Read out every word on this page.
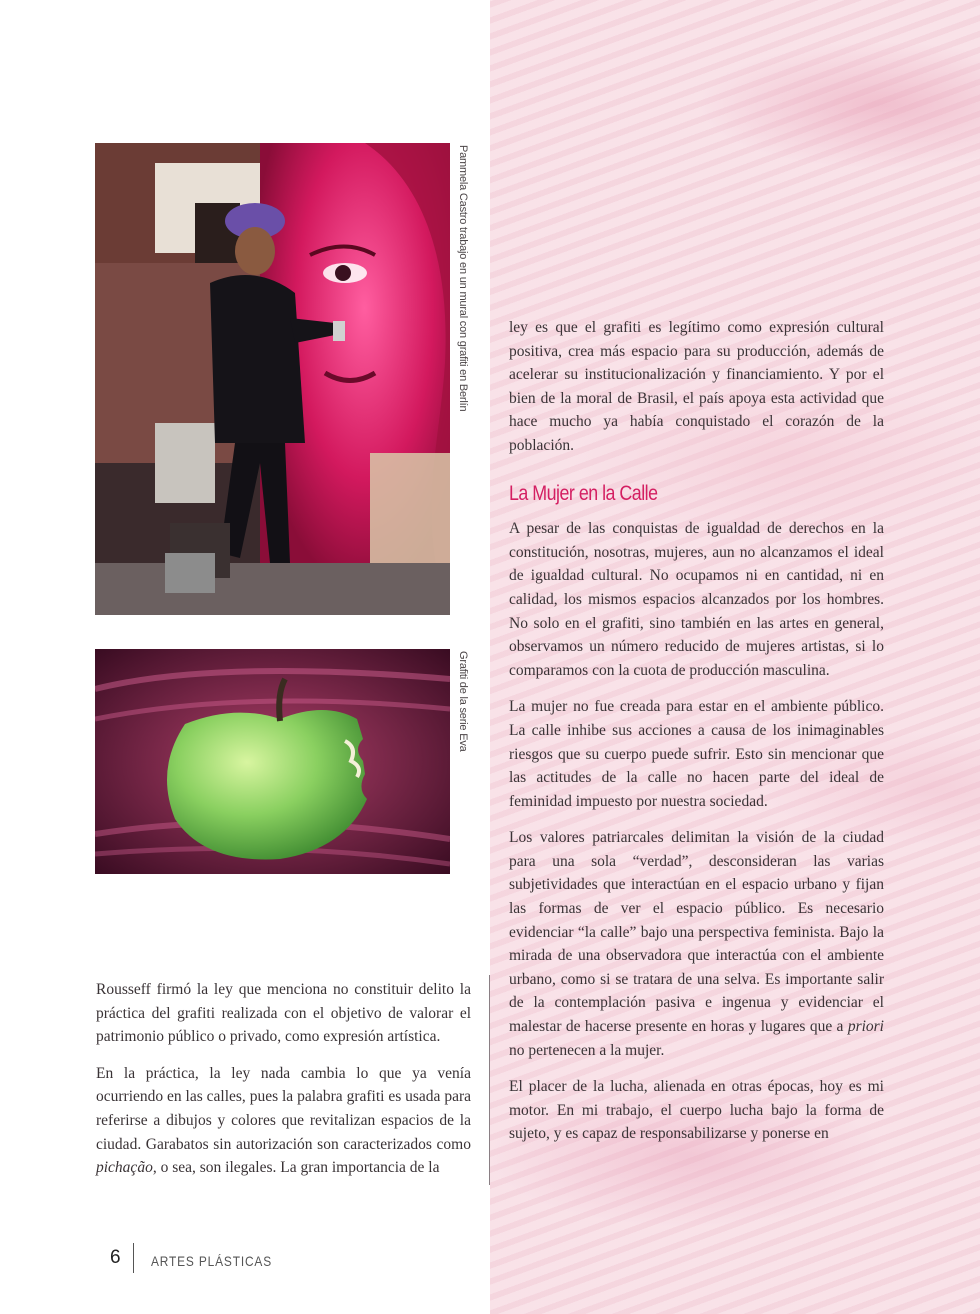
Pammela Castro trabajo en un mural con grafiti en Berlín
Grafiti de la serie Eva

Rousseff firmó la ley que menciona no constituir delito la práctica del grafiti realizada con el objetivo de valorar el patrimonio público o privado, como expresión artística.

En la práctica, la ley nada cambia lo que ya venía ocurriendo en las calles, pues la palabra grafiti es usada para referirse a dibujos y colores que revitalizan espacios de la ciudad. Garabatos sin autorización son caracterizados como pichação, o sea, son ilegales. La gran importancia de la

ley es que el grafiti es legítimo como expresión cultural positiva, crea más espacio para su producción, además de acelerar su institucionalización y financiamiento. Y por el bien de la moral de Brasil, el país apoya esta actividad que hace mucho ya había conquistado el corazón de la población.

La Mujer en la Calle

A pesar de las conquistas de igualdad de derechos en la constitución, nosotras, mujeres, aun no alcanzamos el ideal de igualdad cultural. No ocupamos ni en cantidad, ni en calidad, los mismos espacios alcanzados por los hombres. No solo en el grafiti, sino también en las artes en general, observamos un número reducido de mujeres artistas, si lo comparamos con la cuota de producción masculina.

La mujer no fue creada para estar en el ambiente público. La calle inhibe sus acciones a causa de los inimaginables riesgos que su cuerpo puede sufrir. Esto sin mencionar que las actitudes de la calle no hacen parte del ideal de feminidad impuesto por nuestra sociedad.

Los valores patriarcales delimitan la visión de la ciudad para una sola “verdad”, desconsideran las varias subjetividades que interactúan en el espacio urbano y fijan las formas de ver el espacio público. Es necesario evidenciar “la calle” bajo una perspectiva feminista. Bajo la mirada de una observadora que interactúa con el ambiente urbano, como si se tratara de una selva. Es importante salir de la contemplación pasiva e ingenua y evidenciar el malestar de hacerse presente en horas y lugares que a priori no pertenecen a la mujer.

El placer de la lucha, alienada en otras épocas, hoy es mi motor. En mi trabajo, el cuerpo lucha bajo la forma de sujeto, y es capaz de responsabilizarse y ponerse en

6 ARTES PLÁSTICAS
